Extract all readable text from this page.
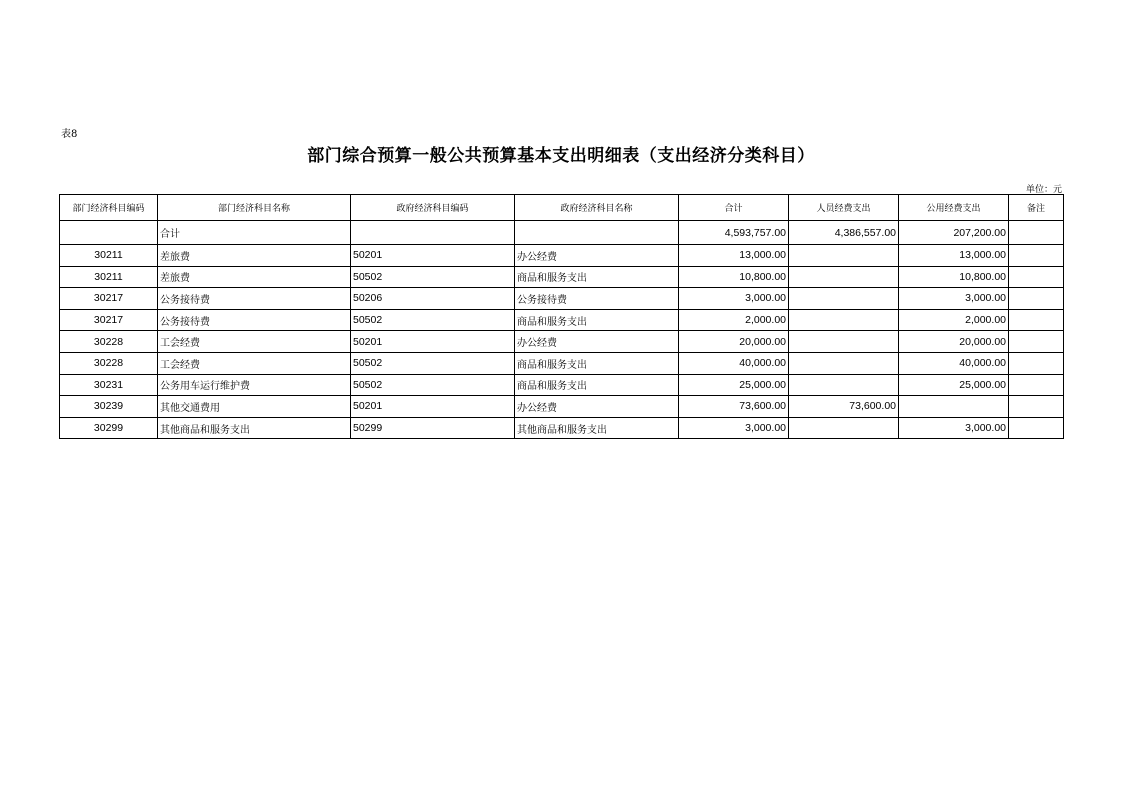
表8
部门综合预算一般公共预算基本支出明细表（支出经济分类科目）
单位：元
部门经济科目编码	部门经济科目名称	政府经济科目编码	政府经济科目名称	合计	人员经费支出	公用经费支出	备注
	合计			4,593,757.00	4,386,557.00	207,200.00	
30211	差旅费	50201	办公经费	13,000.00		13,000.00	
30211	差旅费	50502	商品和服务支出	10,800.00		10,800.00	
30217	公务接待费	50206	公务接待费	3,000.00		3,000.00	
30217	公务接待费	50502	商品和服务支出	2,000.00		2,000.00	
30228	工会经费	50201	办公经费	20,000.00		20,000.00	
30228	工会经费	50502	商品和服务支出	40,000.00		40,000.00	
30231	公务用车运行维护费	50502	商品和服务支出	25,000.00		25,000.00	
30239	其他交通费用	50201	办公经费	73,600.00	73,600.00		
30299	其他商品和服务支出	50299	其他商品和服务支出	3,000.00		3,000.00	
